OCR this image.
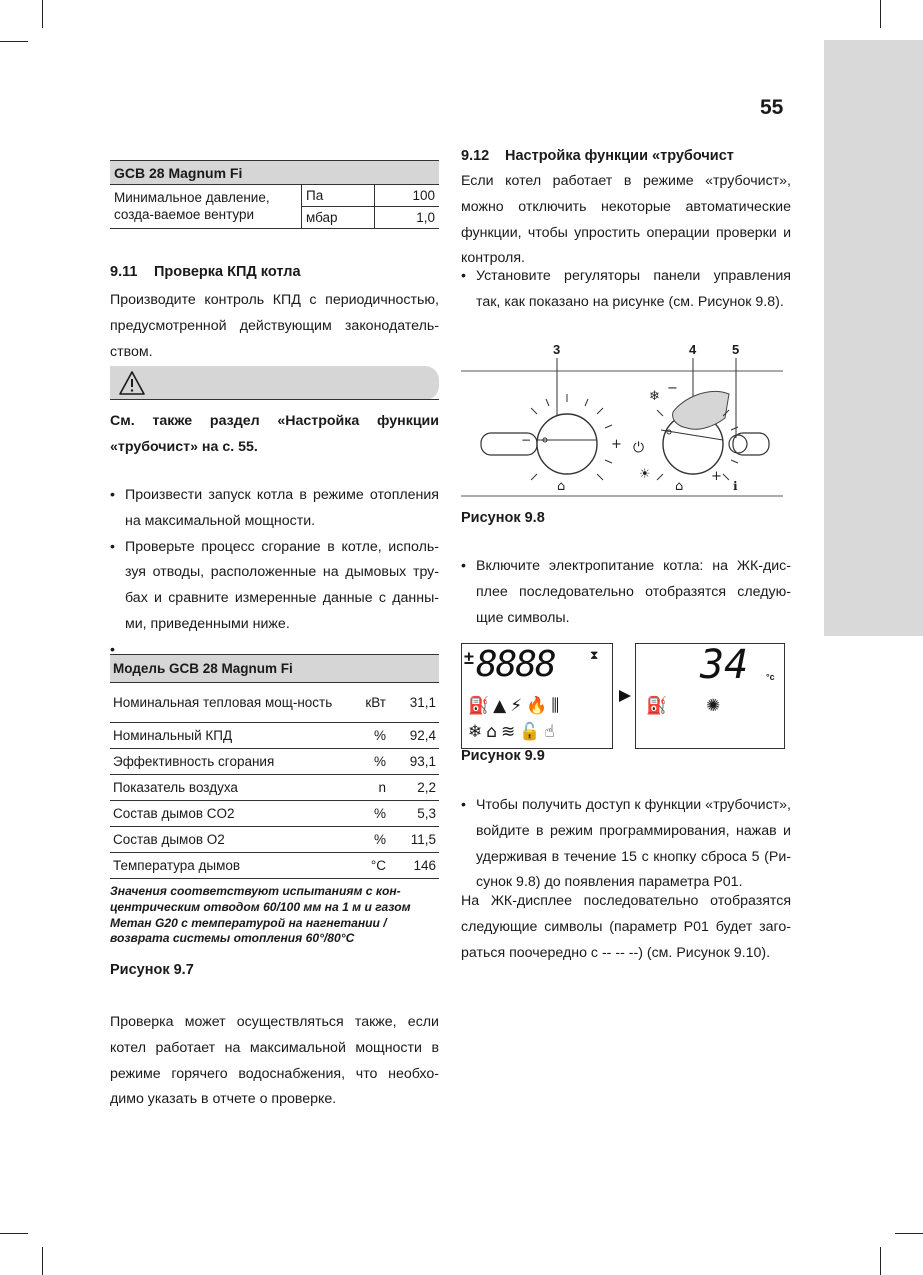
55
GCB 28 Magnum Fi		
Минимальное давление, созда-ваемое вентури	Па	100
	мбар	1,0
9.11 Проверка КПД котла
Производите контроль КПД с периодичностью, предусмотренной действующим законодатель-ством.
См. также раздел «Настройка функции «трубочист» на с. 55.
• Произвести запуск котла в режиме отопления на максимальной мощности.
• Проверьте процесс сгорание в котле, исполь-зуя отводы, расположенные на дымовых тру-бах и сравните измеренные данные с данны-ми, приведенными ниже.
•
Модель GCB 28 Magnum Fi		
Номинальная тепловая мощ-ность	кВт	31,1
Номинальный КПД	%	92,4
Эффективность сгорания	%	93,1
Показатель воздуха	n	2,2
Состав дымов CO2	%	5,3
Состав дымов O2	%	11,5
Температура дымов	°C	146
Значения соответствуют испытаниям с кон-центрическим отводом 60/100 мм на 1 м и газом Метан G20 с температурой на нагнетании / возврата системы отопления 60°/80°C
Рисунок 9.7
Проверка может осуществляться также, если котел работает на максимальной мощности в режиме горячего водоснабжения, что необхо-димо указать в отчете о проверке.
9.12 Настройка функции «трубочист
Если котел работает в режиме «трубочист», можно отключить некоторые автоматические функции, чтобы упростить операции проверки и контроля.
• Установите регуляторы панели управления так, как показано на рисунке (см. Рисунок 9.8).
3	4	5
⏻
+
−
❄
−
☀	+
⌂	⌂	ℹ
Рисунок 9.8
• Включите электропитание котла: на ЖК-дис-плее последовательно отобразятся следую-щие символы.
8888
±	⧗
⛽▲⚡🔥⫼
❄⌂≋🔓☝
34 °c
⛽ ✺
Рисунок 9.9
• Чтобы получить доступ к функции «трубочист», войдите в режим программирования, нажав и удерживая в течение 15 с кнопку сброса 5 (Ри-сунок 9.8) до появления параметра P01.
На ЖК-дисплее последовательно отобразятся следующие символы (параметр P01 будет заго-раться поочередно с -- -- --) (см. Рисунок 9.10).
